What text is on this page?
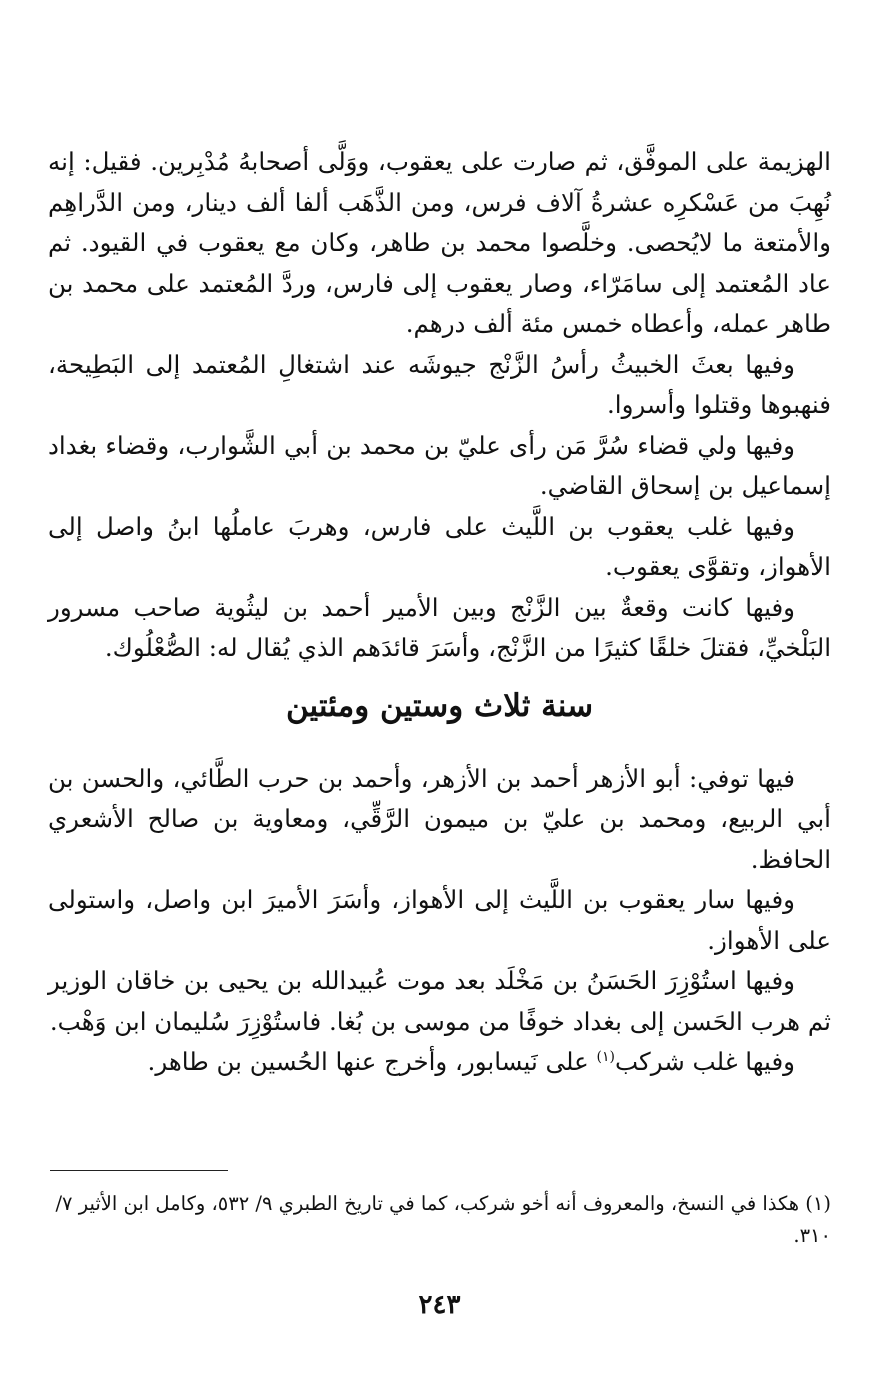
الهزيمة على الموفَّق، ثم صارت على يعقوب، ووَلَّى أصحابهُ مُدْبِرين. فقيل: إنه نُهِبَ من عَسْكرِه عشرةُ آلاف فرس، ومن الذَّهَب ألفا ألف دينار، ومن الدَّراهِم والأمتعة ما لايُحصى. وخلَّصوا محمد بن طاهر، وكان مع يعقوب في القيود. ثم عاد المُعتمد إلى سامَرّاء، وصار يعقوب إلى فارس، وردَّ المُعتمد على محمد بن طاهر عمله، وأعطاه خمس مئة ألف درهم.

وفيها بعثَ الخبيثُ رأسُ الزَّنْج جيوشَه عند اشتغالِ المُعتمد إلى البَطِيحة، فنهبوها وقتلوا وأسروا.

وفيها ولي قضاء سُرَّ مَن رأى عليّ بن محمد بن أبي الشَّوارب، وقضاء بغداد إسماعيل بن إسحاق القاضي.

وفيها غلب يعقوب بن اللَّيث على فارس، وهربَ عاملُها ابنُ واصل إلى الأهواز، وتقوَّى يعقوب.

وفيها كانت وقعةٌ بين الزَّنْج وبين الأمير أحمد بن ليثُوية صاحب مسرور البَلْخيِّ، فقتلَ خلقًا كثيرًا من الزَّنْج، وأسَرَ قائدَهم الذي يُقال له: الصُّعْلُوك.

سنة ثلاث وستين ومئتين

فيها توفي: أبو الأزهر أحمد بن الأزهر، وأحمد بن حرب الطَّائي، والحسن بن أبي الربيع، ومحمد بن عليّ بن ميمون الرَّقِّي، ومعاوية بن صالح الأشعري الحافظ.

وفيها سار يعقوب بن اللَّيث إلى الأهواز، وأسَرَ الأميرَ ابن واصل، واستولى على الأهواز.

وفيها استُوْزِرَ الحَسَنُ بن مَخْلَد بعد موت عُبيدالله بن يحيى بن خاقان الوزير ثم هرب الحَسن إلى بغداد خوفًا من موسى بن بُغا. فاستُوْزِرَ سُليمان ابن وَهْب.

وفيها غلب شركب$^{(١)}$ على نَيسابور، وأخرج عنها الحُسين بن طاهر.

(١) هكذا في النسخ، والمعروف أنه أخو شركب، كما في تاريخ الطبري ٩/ ٥٣٢، وكامل ابن الأثير ٧/ ٣١٠.
٢٤٣
